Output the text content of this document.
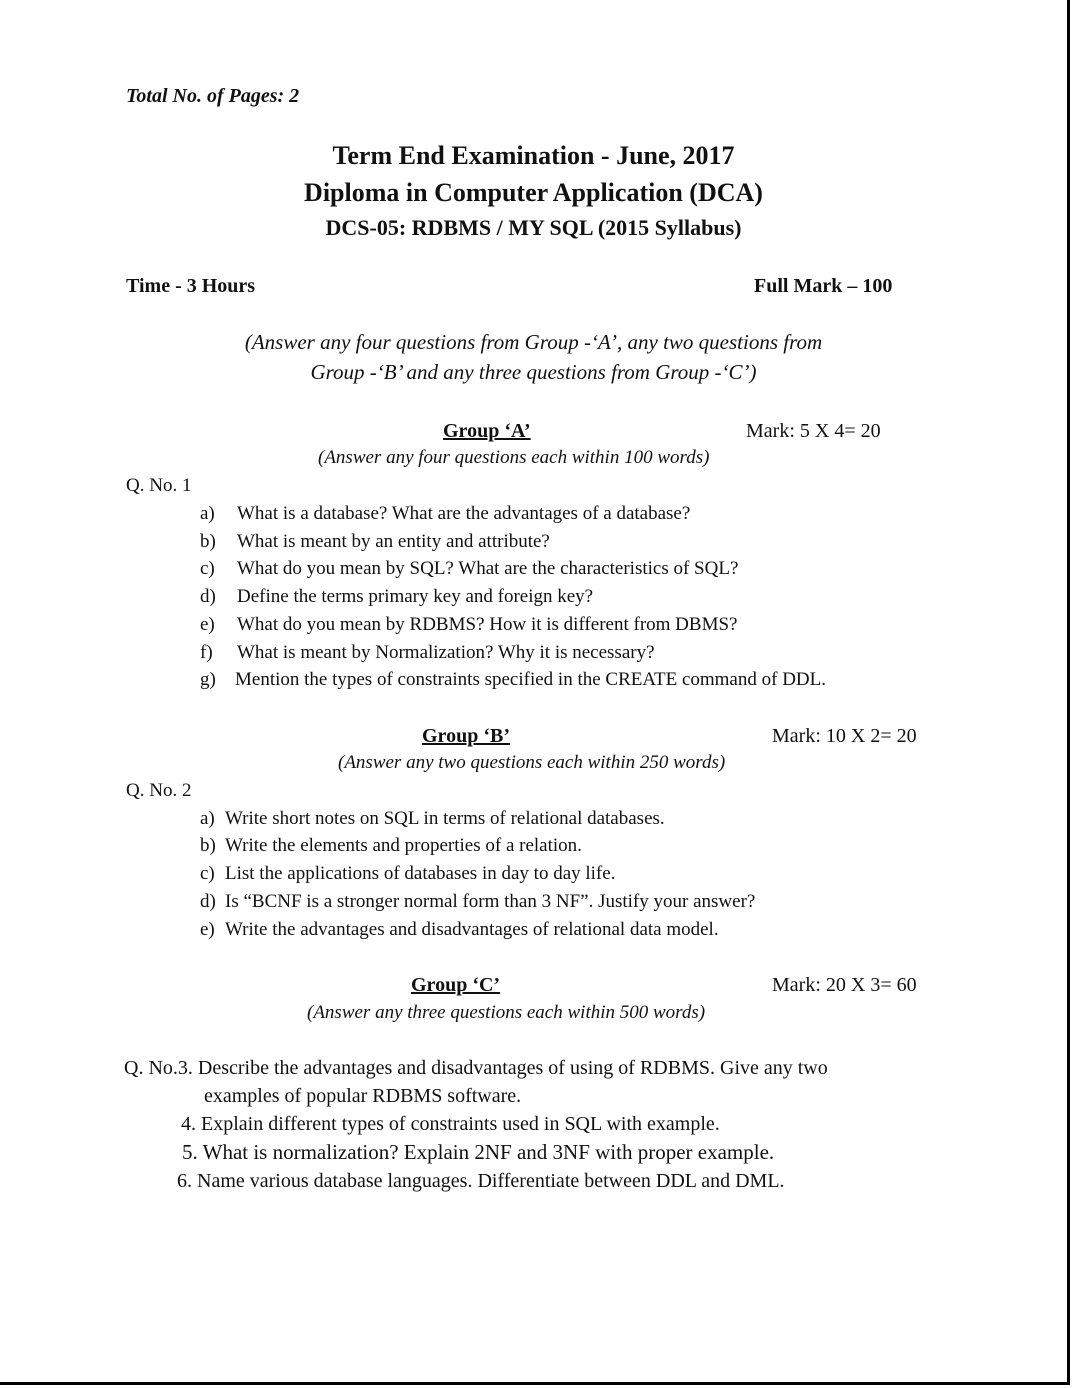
Total No. of Pages: 2
Term End Examination - June, 2017
Diploma in Computer Application (DCA)
DCS-05: RDBMS / MY SQL (2015 Syllabus)
Time - 3 Hours	Full Mark – 100
(Answer any four questions from Group -‘A’, any two questions from
Group -‘B’ and any three questions from Group -‘C’)
Group ‘A’	Mark: 5 X 4= 20
(Answer any four questions each within 100 words)
Q. No. 1
a) What is a database? What are the advantages of a database?
b) What is meant by an entity and attribute?
c) What do you mean by SQL? What are the characteristics of SQL?
d) Define the terms primary key and foreign key?
e) What do you mean by RDBMS? How it is different from DBMS?
f) What is meant by Normalization? Why it is necessary?
g) Mention the types of constraints specified in the CREATE command of DDL.
Group ‘B’	Mark: 10 X 2= 20
(Answer any two questions each within 250 words)
Q. No. 2
a) Write short notes on SQL in terms of relational databases.
b) Write the elements and properties of a relation.
c) List the applications of databases in day to day life.
d) Is “BCNF is a stronger normal form than 3 NF”. Justify your answer?
e) Write the advantages and disadvantages of relational data model.
Group ‘C’	Mark: 20 X 3= 60
(Answer any three questions each within 500 words)
Q. No.3. Describe the advantages and disadvantages of using of RDBMS. Give any two
examples of popular RDBMS software.
4. Explain different types of constraints used in SQL with example.
5. What is normalization? Explain 2NF and 3NF with proper example.
6. Name various database languages. Differentiate between DDL and DML.
